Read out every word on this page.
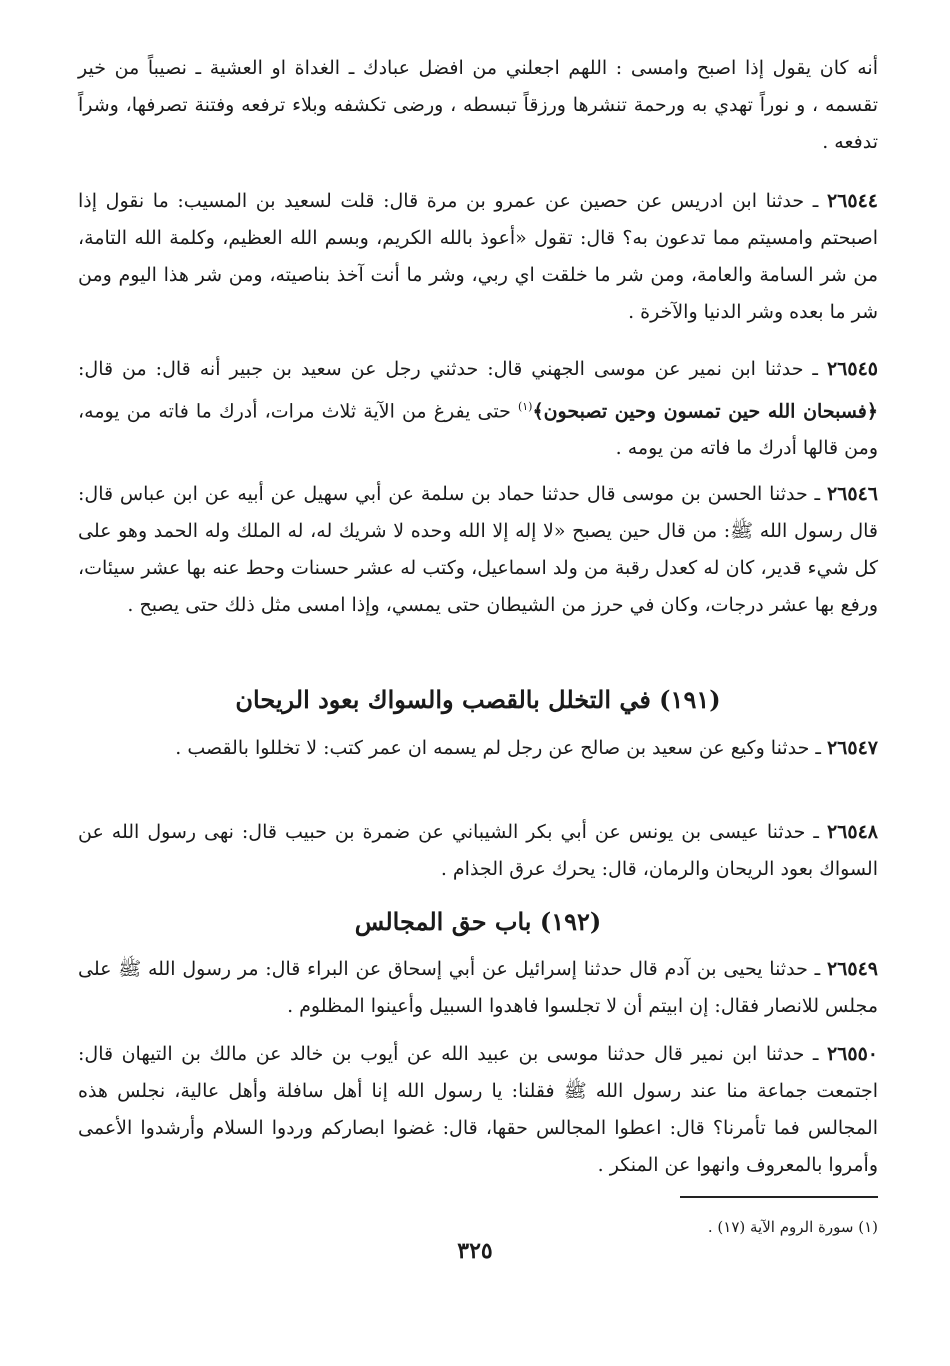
أنه كان يقول إذا اصبح وامسى : اللهم اجعلني من افضل عبادك ـ الغداة او العشية ـ نصيباً من خير تقسمه ، و نوراً تهدي به ورحمة تنشرها ورزقاً تبسطه ، ورضى تكشفه وبلاء ترفعه وفتنة تصرفها، وشراً تدفعه .

٢٦٥٤٤ ـ حدثنا ابن ادريس عن حصين عن عمرو بن مرة قال: قلت لسعيد بن المسيب: ما نقول إذا اصبحتم وامسيتم مما تدعون به؟ قال: تقول «أعوذ بالله الكريم، وبسم الله العظيم، وكلمة الله التامة، من شر السامة والعامة، ومن شر ما خلقت اي ربي، وشر ما أنت آخذ بناصيته، ومن شر هذا اليوم ومن شر ما بعده وشر الدنيا والآخرة .

٢٦٥٤٥ ـ حدثنا ابن نمير عن موسى الجهني قال: حدثني رجل عن سعيد بن جبير أنه قال: من قال: ﴿فسبحان الله حين تمسون وحين تصبحون﴾$^{(١)}$ حتى يفرغ من الآية ثلاث مرات، أدرك ما فاته من يومه، ومن قالها أدرك ما فاته من يومه .

٢٦٥٤٦ ـ حدثنا الحسن بن موسى قال حدثنا حماد بن سلمة عن أبي سهيل عن أبيه عن ابن عباس قال: قال رسول الله ﷺ: من قال حين يصبح «لا إله إلا الله وحده لا شريك له، له الملك وله الحمد وهو على كل شيء قدير، كان له كعدل رقبة من ولد اسماعيل، وكتب له عشر حسنات وحط عنه بها عشر سيئات، ورفع بها عشر درجات، وكان في حرز من الشيطان حتى يمسي، وإذا امسى مثل ذلك حتى يصبح .

(١٩١) في التخلل بالقصب والسواك بعود الريحان

٢٦٥٤٧ ـ حدثنا وكيع عن سعيد بن صالح عن رجل لم يسمه ان عمر كتب: لا تخللوا بالقصب .

٢٦٥٤٨ ـ حدثنا عيسى بن يونس عن أبي بكر الشيباني عن ضمرة بن حبيب قال: نهى رسول الله عن السواك بعود الريحان والرمان، قال: يحرك عرق الجذام .

(١٩٢) باب حق المجالس

٢٦٥٤٩ ـ حدثنا يحيى بن آدم قال حدثنا إسرائيل عن أبي إسحاق عن البراء قال: مر رسول الله ﷺ على مجلس للانصار فقال: إن ابيتم أن لا تجلسوا فاهدوا السبيل وأعينوا المظلوم .

٢٦٥٥٠ ـ حدثنا ابن نمير قال حدثنا موسى بن عبيد الله عن أيوب بن خالد عن مالك بن التيهان قال: اجتمعت جماعة منا عند رسول الله ﷺ فقلنا: يا رسول الله إنا أهل سافلة وأهل عالية، نجلس هذه المجالس فما تأمرنا؟ قال: اعطوا المجالس حقها، قال: غضوا ابصاركم وردوا السلام وأرشدوا الأعمى وأمروا بالمعروف وانهوا عن المنكر .

(١) سورة الروم الآية (١٧) .

٣٢٥
